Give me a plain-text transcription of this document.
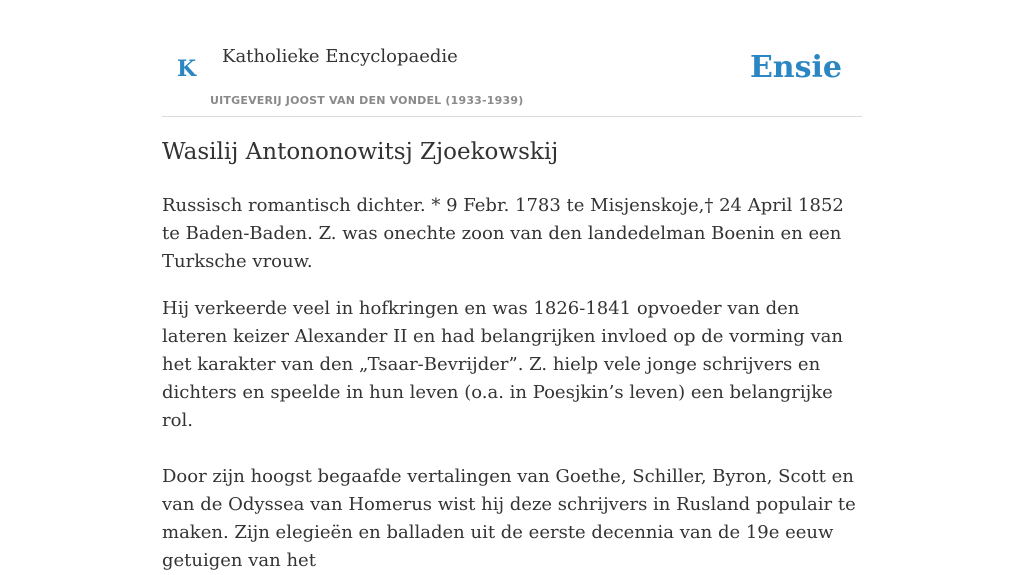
K Katholieke Encyclopaedie
UITGEVERIJ JOOST VAN DEN VONDEL (1933-1939)
Ensie
Wasilij Antononowitsj Zjoekowskij

Russisch romantisch dichter. * 9 Febr. 1783 te Misjenskoje,† 24 April 1852 te Baden-Baden. Z. was onechte zoon van den landedelman Boenin en een Turksche vrouw.

Hij verkeerde veel in hofkringen en was 1826-1841 opvoeder van den lateren keizer Alexander II en had belangrijken invloed op de vorming van het karakter van den „Tsaar-Bevrijder”. Z. hielp vele jonge schrijvers en dichters en speelde in hun leven (o.a. in Poesjkin’s leven) een belangrijke rol.

Door zijn hoogst begaafde vertalingen van Goethe, Schiller, Byron, Scott en van de Odyssea van Homerus wist hij deze schrijvers in Rusland populair te maken. Zijn elegieën en balladen uit de eerste decennia van de 19e eeuw getuigen van het
